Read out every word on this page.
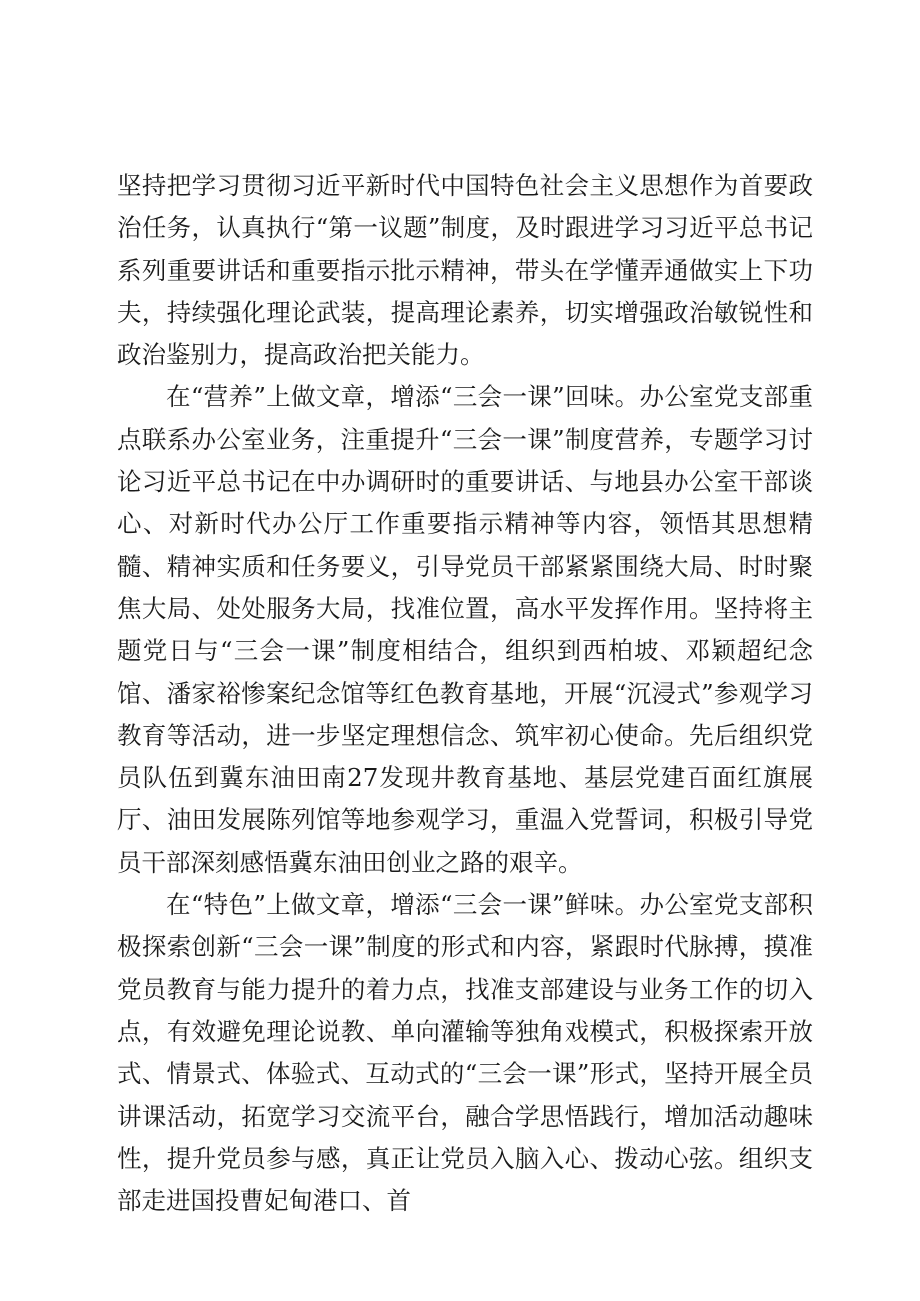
坚持把学习贯彻习近平新时代中国特色社会主义思想作为首要政治任务，认真执行“第一议题”制度，及时跟进学习习近平总书记系列重要讲话和重要指示批示精神，带头在学懂弄通做实上下功夫，持续强化理论武装，提高理论素养，切实增强政治敏锐性和政治鉴别力，提高政治把关能力。

在“营养”上做文章，增添“三会一课”回味。办公室党支部重点联系办公室业务，注重提升“三会一课”制度营养，专题学习讨论习近平总书记在中办调研时的重要讲话、与地县办公室干部谈心、对新时代办公厅工作重要指示精神等内容，领悟其思想精髓、精神实质和任务要义，引导党员干部紧紧围绕大局、时时聚焦大局、处处服务大局，找准位置，高水平发挥作用。坚持将主题党日与“三会一课”制度相结合，组织到西柏坡、邓颖超纪念馆、潘家裕惨案纪念馆等红色教育基地，开展“沉浸式”参观学习教育等活动，进一步坚定理想信念、筑牢初心使命。先后组织党员队伍到冀东油田南27发现井教育基地、基层党建百面红旗展厅、油田发展陈列馆等地参观学习，重温入党誓词，积极引导党员干部深刻感悟冀东油田创业之路的艰辛。

在“特色”上做文章，增添“三会一课”鲜味。办公室党支部积极探索创新“三会一课”制度的形式和内容，紧跟时代脉搏，摸准党员教育与能力提升的着力点，找准支部建设与业务工作的切入点，有效避免理论说教、单向灌输等独角戏模式，积极探索开放式、情景式、体验式、互动式的“三会一课”形式，坚持开展全员讲课活动，拓宽学习交流平台，融合学思悟践行，增加活动趣味性，提升党员参与感，真正让党员入脑入心、拨动心弦。组织支部走进国投曹妃甸港口、首
